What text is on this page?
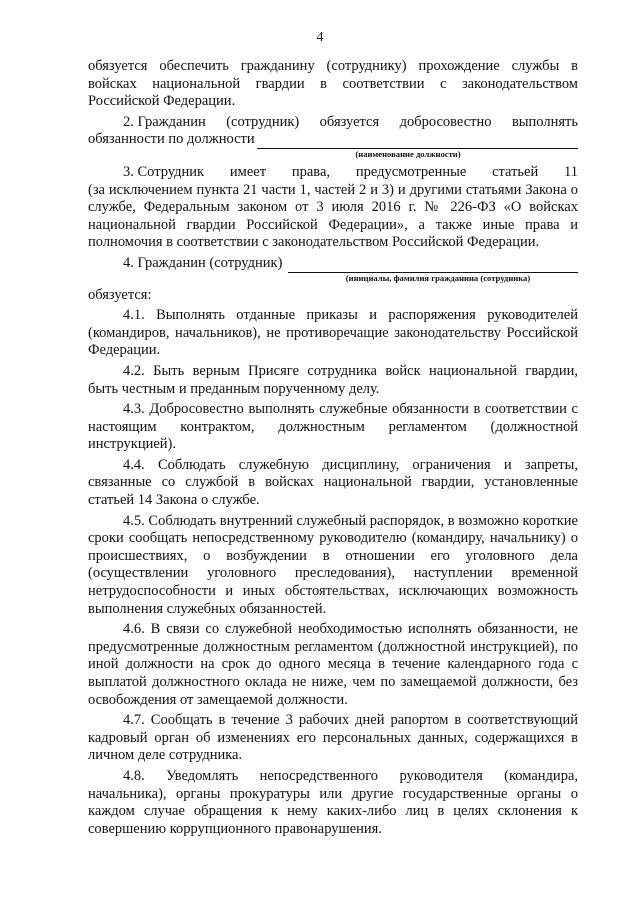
4

обязуется обеспечить гражданину (сотруднику) прохождение службы в войсках национальной гвардии в соответствии с законодательством Российской Федерации.

2. Гражданин (сотрудник) обязуется добросовестно выполнять
обязанности по должности
(наименование должности)
3. Сотрудник имеет права, предусмотренные статьей 11

(за исключением пункта 21 части 1, частей 2 и 3) и другими статьями Закона о службе, Федеральным законом от 3 июля 2016 г. № 226-ФЗ «О войсках национальной гвардии Российской Федерации», а также иные права и полномочия в соответствии с законодательством Российской Федерации.

4. Гражданин (сотрудник)
(инициалы, фамилия гражданина (сотрудника)

обязуется:

4.1. Выполнять отданные приказы и распоряжения руководителей (командиров, начальников), не противоречащие законодательству Российской Федерации.

4.2. Быть верным Присяге сотрудника войск национальной гвардии, быть честным и преданным порученному делу.

4.3. Добросовестно выполнять служебные обязанности в соответствии с настоящим контрактом, должностным регламентом (должностной инструкцией).

4.4. Соблюдать служебную дисциплину, ограничения и запреты, связанные со службой в войсках национальной гвардии, установленные статьей 14 Закона о службе.

4.5. Соблюдать внутренний служебный распорядок, в возможно короткие сроки сообщать непосредственному руководителю (командиру, начальнику) о происшествиях, о возбуждении в отношении его уголовного дела (осуществлении уголовного преследования), наступлении временной нетрудоспособности и иных обстоятельствах, исключающих возможность выполнения служебных обязанностей.

4.6. В связи со служебной необходимостью исполнять обязанности, не предусмотренные должностным регламентом (должностной инструкцией), по иной должности на срок до одного месяца в течение календарного года с выплатой должностного оклада не ниже, чем по замещаемой должности, без освобождения от замещаемой должности.

4.7. Сообщать в течение 3 рабочих дней рапортом в соответствующий кадровый орган об изменениях его персональных данных, содержащихся в личном деле сотрудника.

4.8. Уведомлять непосредственного руководителя (командира, начальника), органы прокуратуры или другие государственные органы о каждом случае обращения к нему каких-либо лиц в целях склонения к совершению коррупционного правонарушения.
